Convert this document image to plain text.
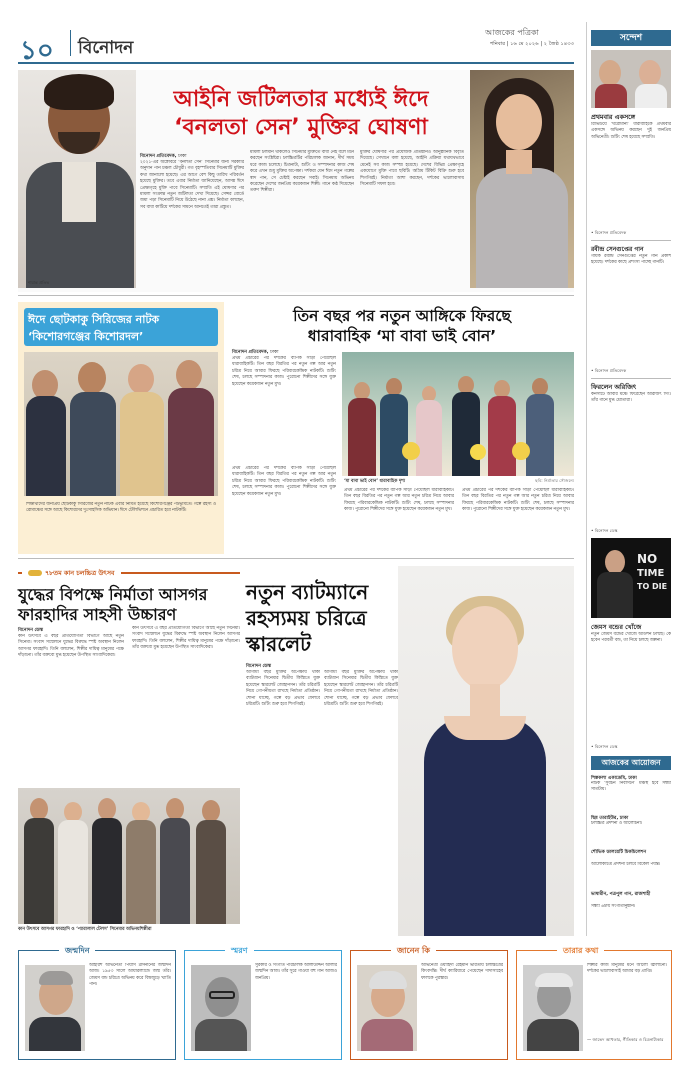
১০ বিনোদন
আজকের পত্রিকা
শনিবার | ১৬ মে ২০২৬ | ২ জৈষ্ঠ ১৪৩৩
শায়ান্ত প্রতিভ
আইনি জটিলতার মধ্যেই ঈদে
‘বনলতা সেন’ মুক্তির ঘোষণা
বিনোদন প্রতিবেদক, ঢাকা
২০২১-এর অক্টোবরে ‘বনলতা সেন’ সিনেমার জন্য সরকারি অনুদান পান চঞ্চল চৌধুরী। গত বৃহস্পতিবার সিনেমাটি মুক্তির কথা জানালো হয়েছে। এর আগে বেশ কিছু তারিখ পরিবর্তন হয়েছে মুক্তির। তবে এবার নির্মাতা জানিয়েছেন, আসন্ন ঈদে প্রেক্ষাগৃহে মুক্তি পাবে সিনেমাটি। সম্প্রতি এই ঘোষণার পর মামলা সংক্রান্ত নতুন জটিলতা দেখা দিয়েছে। সেন্সর বোর্ডে জমা পড়া সিনেমাটি নিয়ে উঠেছে নানা প্রশ্ন। নির্মাতা বলছেন, সব বাধা কাটিয়ে দর্শকের সামনে আনতেই তারা প্রস্তুত।
মামলা চলমান থাকলেও সিনেমার মুক্তিতে বাধা নেই বলে মনে করছেন সংশ্লিষ্টরা। চলচ্চিত্রটির পরিচালক জানান, দীর্ঘ সময় ধরে কাজ চলেছে। চিত্রনাট্য, শুটিং ও সম্পাদনার কাজ শেষ করে এখন শুধু মুক্তির অপেক্ষা। দর্শকরা যেন ঈদে নতুন গল্পের স্বাদ পান, সে চেষ্টাই করছেন সবাই। সিনেমায় অভিনয় করেছেন দেশের জনপ্রিয় কয়েকজন শিল্পী। গানে কণ্ঠ দিয়েছেন তরুণ শিল্পীরা।
মুক্তির ঘোষণার পর প্রযোজক প্রতিষ্ঠানও আনুষ্ঠানিক বিবৃতি দিয়েছে। সেখানে বলা হয়েছে, আইনি প্রক্রিয়া যথাযথভাবে মেনেই সব কাজ সম্পন্ন হয়েছে। দেশের বিভিন্ন প্রেক্ষাগৃহে একযোগে মুক্তি পাবে ছবিটি। অগ্রিম টিকিট বিক্রি শুরু হবে শিগগিরই। নির্মাতা আশা করছেন, দর্শকের ভালোবাসায় সিনেমাটি সফল হবে।
ঈদে ছোটকাকু সিরিজের নাটক
‘কিশোরগঞ্জের কিশোরদল’
শিক্ষার্থীদের জনপ্রিয় ছোটকাকু সিরিজের নতুন নাটক এবার নির্মিত হয়েছে কিশোরগঞ্জের পটভূমিতে। গল্পে রহস্য ও রোমাঞ্চের সঙ্গে আছে কিশোরদের দুঃসাহসিক অভিযান। ঈদে টেলিভিশনে প্রচারিত হবে নাটকটি।
তিন বছর পর নতুন আঙ্গিকে ফিরছে
ধারাবাহিক ‘মা বাবা ভাই বোন’
বিনোদন প্রতিবেদক, ঢাকা
প্রথম প্রচারের পর দর্শকের ব্যাপক সাড়া পেয়েছিল ধারাবাহিকটি। তিন বছর বিরতির পর নতুন গল্প আর নতুন চরিত্র নিয়ে আবার ফিরছে পরিবারকেন্দ্রিক নাটকটি। শুটিং শেষ, চলছে সম্পাদনার কাজ। পুরোনো শিল্পীদের সঙ্গে যুক্ত হয়েছেন কয়েকজন নতুন মুখ।
‘মা বাবা ভাই বোন’ ধারাবাহিক দৃশ্য	ছবি: নির্মাতার সৌজন্যে
প্রথম প্রচারের পর দর্শকের ব্যাপক সাড়া পেয়েছিল ধারাবাহিকটি। তিন বছর বিরতির পর নতুন গল্প আর নতুন চরিত্র নিয়ে আবার ফিরছে পরিবারকেন্দ্রিক নাটকটি। শুটিং শেষ, চলছে সম্পাদনার কাজ। পুরোনো শিল্পীদের সঙ্গে যুক্ত হয়েছেন কয়েকজন নতুন মুখ।
প্রথম প্রচারের পর দর্শকের ব্যাপক সাড়া পেয়েছিল ধারাবাহিকটি। তিন বছর বিরতির পর নতুন গল্প আর নতুন চরিত্র নিয়ে আবার ফিরছে পরিবারকেন্দ্রিক নাটকটি। শুটিং শেষ, চলছে সম্পাদনার কাজ। পুরোনো শিল্পীদের সঙ্গে যুক্ত হয়েছেন কয়েকজন নতুন মুখ।
প্রথম প্রচারের পর দর্শকের ব্যাপক সাড়া পেয়েছিল ধারাবাহিকটি। তিন বছর বিরতির পর নতুন গল্প আর নতুন চরিত্র নিয়ে আবার ফিরছে পরিবারকেন্দ্রিক নাটকটি। শুটিং শেষ, চলছে সম্পাদনার কাজ। পুরোনো শিল্পীদের সঙ্গে যুক্ত হয়েছেন কয়েকজন নতুন মুখ।
৭৮তম কান চলচ্চিত্র উৎসব
যুদ্ধের বিপক্ষে নির্মাতা আসগর
ফারহাদির সাহসী উচ্চারণ
বিনোদন ডেস্ক
কান উৎসবে এ বছর প্রতিযোগিতা বিভাগে আছে নতুন সিনেমা। সংবাদ সম্মেলনে যুদ্ধের বিরুদ্ধে স্পষ্ট অবস্থান নিলেন আসগর ফারহাদি। তিনি বললেন, শিল্পীর দায়িত্ব মানুষের পক্ষে দাঁড়ানো। তাঁর বক্তব্যে মুগ্ধ হয়েছেন উপস্থিত সাংবাদিকেরা।
কান উৎসবে এ বছর প্রতিযোগিতা বিভাগে আছে নতুন সিনেমা। সংবাদ সম্মেলনে যুদ্ধের বিরুদ্ধে স্পষ্ট অবস্থান নিলেন আসগর ফারহাদি। তিনি বললেন, শিল্পীর দায়িত্ব মানুষের পক্ষে দাঁড়ানো। তাঁর বক্তব্যে মুগ্ধ হয়েছেন উপস্থিত সাংবাদিকেরা।
কান উৎসবে আসগর ফারহাদি ও ‘প্যারালাল টেলস’ সিনেমার অভিনয়শিল্পীরা
নতুন ব্যাটম্যানে
রহস্যময় চরিত্রে
স্কারলেট
বিনোদন ডেস্ক
আগামী বছর মুক্তির অপেক্ষায় থাকা ব্যাটম্যান সিনেমার দ্বিতীয় কিস্তিতে যুক্ত হয়েছেন স্কারলেট জোহানসন। তাঁর চরিত্রটি নিয়ে গোপনীয়তা রাখছে নির্মাতা প্রতিষ্ঠান। শোনা যাচ্ছে, গল্পে বড় প্রভাব ফেলবে চরিত্রটি। শুটিং শুরু হবে শিগগিরই।
আগামী বছর মুক্তির অপেক্ষায় থাকা ব্যাটম্যান সিনেমার দ্বিতীয় কিস্তিতে যুক্ত হয়েছেন স্কারলেট জোহানসন। তাঁর চরিত্রটি নিয়ে গোপনীয়তা রাখছে নির্মাতা প্রতিষ্ঠান। শোনা যাচ্ছে, গল্পে বড় প্রভাব ফেলবে চরিত্রটি। শুটিং শুরু হবে শিগগিরই।
সন্দেশ
প্রথমবার একসঙ্গে
রিভিউয়ে ‘ঘরোমানা’ ধারাবাহিকে প্রথমবার একসঙ্গে অভিনয় করছেন দুই জনপ্রিয় অভিনেত্রী। শুটিং শেষ হয়েছে সম্প্রতি।
• বিনোদন প্রতিবেদক
রবীন্দ্র সেনগুপ্তের গান
গায়ক রবীন্দ্র সেনগুপ্তের নতুন গান প্রকাশ হয়েছে। দর্শকের কাছে প্রশংসা পাচ্ছে গানটি।
• বিনোদন প্রতিবেদক
ফিরলেন অরিজিৎ
কনসার্টে আবার মঞ্চে ফিরেছেন অরিজিৎ সিং। তাঁর গানে মুগ্ধ শ্রোতারা।
• বিনোদন ডেস্ক
NO
TIME
TO DIE
জেমস বন্ডের খোঁজে
নতুন জেমস বন্ডের খোঁজে অডিশন চলছে। কে হবেন পরবর্তী বন্ড, তা নিয়ে চলছে জল্পনা।
• বিনোদন ডেস্ক
আজকের আয়োজন
শিল্পকলা একাডেমি, ঢাকা
নাটক ‘সুবচন নির্বাসনে’ মঞ্চস্থ হবে সন্ধ্যা সাতটায়।
ছিন্ন তারাইউর, ঢাকা
চলচ্চিত্র প্রদর্শনী ও আলোচনা।
শৌভিক ডালয়েটি চিকচিলেশন
আলোকচিত্র প্রদর্শনী চলবে বিকেল পর্যন্ত।
ভাষারীন, পত্রপুল গান, রাজশাহী
সন্ধ্যা ৬টায় সংগীতানুষ্ঠান।
জন্মদিন
আইরিশ অভিনেতা পিয়ার্স ব্রসনানের জন্মদিন আজ। ১৯৫৩ সালে আয়ারল্যান্ডে জন্ম তাঁর। জেমস বন্ড চরিত্রে অভিনয় করে বিশ্বজুড়ে খ্যাতি পান।
স্মরণ
সুরকার ও সংগীত পরিচালক আলাউদ্দিন আলীর জন্মদিন আজ। তাঁর সুরে গাওয়া বহু গান আজও জনপ্রিয়।
জানেন কি
অভিনেত্রী ওয়াহিদা রেহমান ভারতীয় চলচ্চিত্রের কিংবদন্তি। দীর্ঘ ক্যারিয়ারে পেয়েছেন দাদাসাহেব ফালকে পুরস্কার।
তারার কথা
শিল্পীর কাজ মানুষের মনে আলো জ্বালানো। দর্শকের ভালোবাসাই আমার বড় প্রাপ্তি।
— জাভেদ আখতার, গীতিকার ও চিত্রনাট্যকার
